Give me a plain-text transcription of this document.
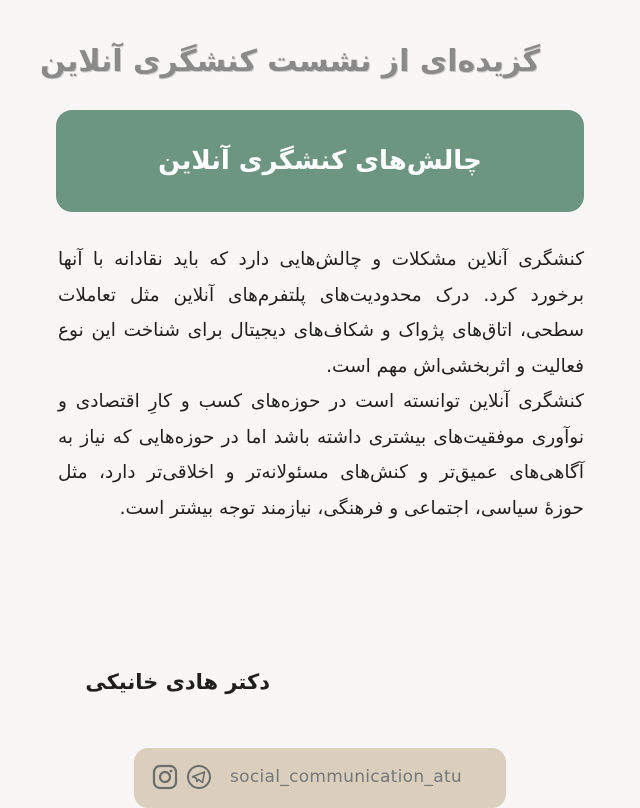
گزیده‌ای از نشست کنشگری آنلاین
چالش‌های کنشگری آنلاین

کنشگری آنلاین مشکلات و چالش‌هایی دارد که باید نقادانه با آنها برخورد کرد. درک محدودیت‌های پلتفرم‌های آنلاین مثل تعاملات سطحی، اتاق‌های پژواک و شکاف‌های دیجیتال برای شناخت این نوع فعالیت و اثربخشی‌اش مهم است.

کنشگری آنلاین توانسته است در حوزه‌های کسب و کارِ اقتصادی و نوآوری موفقیت‌های بیشتری داشته باشد اما در حوزه‌هایی که نیاز به آگاهی‌های عمیق‌تر و کنش‌های مسئولانه‌تر و اخلاقی‌تر دارد، مثل حوزۀ سیاسی، اجتماعی و فرهنگی، نیازمند توجه بیشتر است.

دکتر هادی خانیکی
social_communication_atu
